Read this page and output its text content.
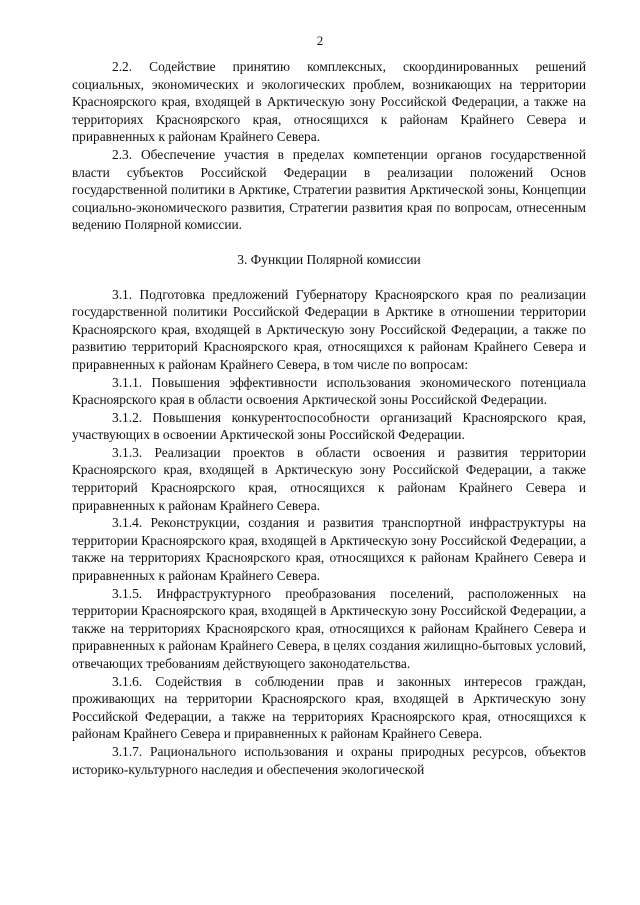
2

2.2. Содействие принятию комплексных, скоординированных решений социальных, экономических и экологических проблем, возникающих на территории Красноярского края, входящей в Арктическую зону Российской Федерации, а также на территориях Красноярского края, относящихся к районам Крайнего Севера и приравненных к районам Крайнего Севера.

2.3. Обеспечение участия в пределах компетенции органов государственной власти субъектов Российской Федерации в реализации положений Основ государственной политики в Арктике, Стратегии развития Арктической зоны, Концепции социально-экономического развития, Стратегии развития края по вопросам, отнесенным ведению Полярной комиссии.

3. Функции Полярной комиссии

3.1. Подготовка предложений Губернатору Красноярского края по реализации государственной политики Российской Федерации в Арктике в отношении территории Красноярского края, входящей в Арктическую зону Российской Федерации, а также по развитию территорий Красноярского края, относящихся к районам Крайнего Севера и приравненных к районам Крайнего Севера, в том числе по вопросам:

3.1.1. Повышения эффективности использования экономического потенциала Красноярского края в области освоения Арктической зоны Российской Федерации.

3.1.2. Повышения конкурентоспособности организаций Красноярского края, участвующих в освоении Арктической зоны Российской Федерации.

3.1.3. Реализации проектов в области освоения и развития территории Красноярского края, входящей в Арктическую зону Российской Федерации, а также территорий Красноярского края, относящихся к районам Крайнего Севера и приравненных к районам Крайнего Севера.

3.1.4. Реконструкции, создания и развития транспортной инфраструктуры на территории Красноярского края, входящей в Арктическую зону Российской Федерации, а также на территориях Красноярского края, относящихся к районам Крайнего Севера и приравненных к районам Крайнего Севера.

3.1.5. Инфраструктурного преобразования поселений, расположенных на территории Красноярского края, входящей в Арктическую зону Российской Федерации, а также на территориях Красноярского края, относящихся к районам Крайнего Севера и приравненных к районам Крайнего Севера, в целях создания жилищно-бытовых условий, отвечающих требованиям действующего законодательства.

3.1.6. Содействия в соблюдении прав и законных интересов граждан, проживающих на территории Красноярского края, входящей в Арктическую зону Российской Федерации, а также на территориях Красноярского края, относящихся к районам Крайнего Севера и приравненных к районам Крайнего Севера.

3.1.7. Рационального использования и охраны природных ресурсов, объектов историко-культурного наследия и обеспечения экологической
